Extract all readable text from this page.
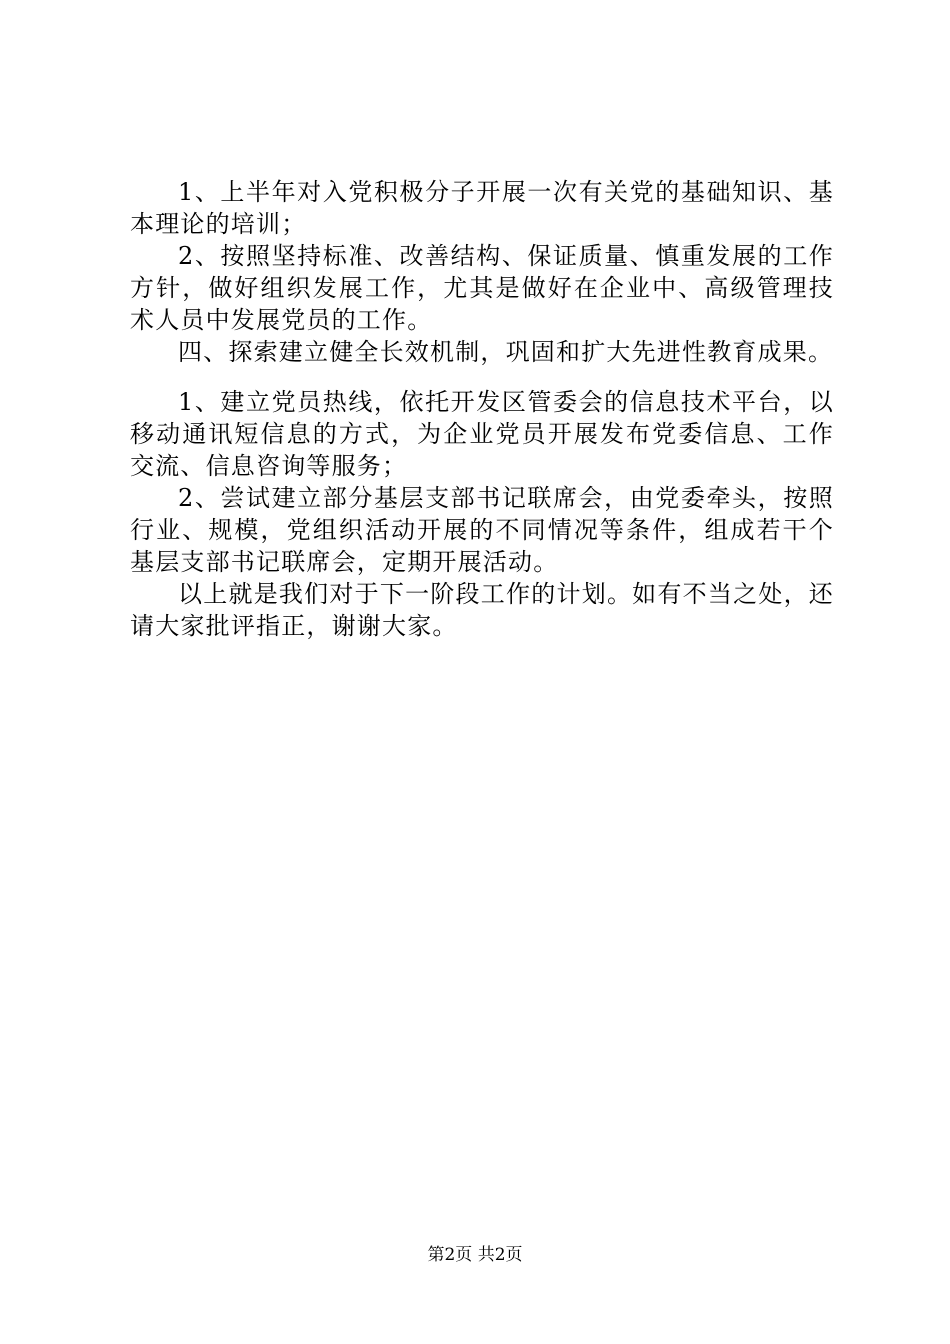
1、上半年对入党积极分子开展一次有关党的基础知识、基本理论的培训；

2、按照坚持标准、改善结构、保证质量、慎重发展的工作方针，做好组织发展工作，尤其是做好在企业中、高级管理技术人员中发展党员的工作。

四、探索建立健全长效机制，巩固和扩大先进性教育成果。

1、建立党员热线，依托开发区管委会的信息技术平台，以移动通讯短信息的方式，为企业党员开展发布党委信息、工作交流、信息咨询等服务；

2、尝试建立部分基层支部书记联席会，由党委牵头，按照行业、规模，党组织活动开展的不同情况等条件，组成若干个基层支部书记联席会，定期开展活动。

以上就是我们对于下一阶段工作的计划。如有不当之处，还请大家批评指正，谢谢大家。

第2页 共2页
